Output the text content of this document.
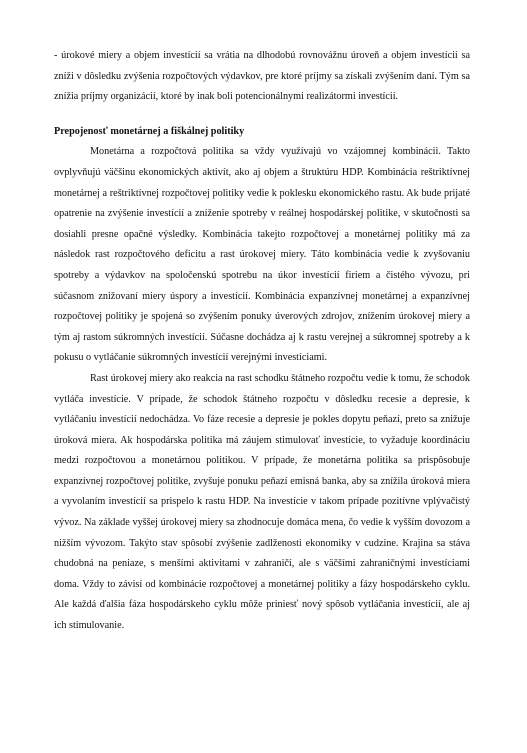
- úrokové miery a objem investícií sa vrátia na dlhodobú rovnovážnu úroveň a objem investícií sa zníži v dôsledku zvýšenia rozpočtových výdavkov, pre ktoré príjmy sa získali zvýšením daní. Tým sa znížia príjmy organizácií, ktoré by inak boli potencionálnymi realizátormi investícií.

Prepojenosť monetárnej a fiškálnej politiky

Monetárna a rozpočtová politika sa vždy využívajú vo vzájomnej kombinácii. Takto ovplyvňujú väčšinu ekonomických aktivít, ako aj objem a štruktúru HDP. Kombinácia reštriktívnej monetárnej a reštriktívnej rozpočtovej politiky vedie k poklesku ekonomického rastu. Ak bude prijaté opatrenie na zvýšenie investícií a zníženie spotreby v reálnej hospodárskej politike, v skutočnosti sa dosiahli presne opačné výsledky. Kombinácia takejto rozpočtovej a monetárnej politiky má za následok rast rozpočtového deficitu a rast úrokovej miery. Táto kombinácia vedie k zvyšovaniu spotreby a výdavkov na spoločenskú spotrebu na úkor investícií firiem a čistého vývozu, pri súčasnom znižovaní miery úspory a investícií. Kombinácia expanzívnej monetárnej a expanzívnej rozpočtovej politiky je spojená so zvýšením ponuky úverových zdrojov, znížením úrokovej miery a tým aj rastom súkromných investícií. Súčasne dochádza aj k rastu verejnej a súkromnej spotreby a k pokusu o vytláčanie súkromných investícií verejnými investíciami.

Rast úrokovej miery ako reakcia na rast schodku štátneho rozpočtu vedie k tomu, že schodok vytláča investície. V prípade, že schodok štátneho rozpočtu v dôsledku recesie a depresie, k vytláčaniu investícií nedochádza. Vo fáze recesie a depresie je pokles dopytu peňazí, preto sa znižuje úroková miera. Ak hospodárska politika má záujem stimulovať investície, to vyžaduje koordináciu medzi rozpočtovou a monetárnou politikou. V prípade, že monetárna politika sa prispôsobuje expanzívnej rozpočtovej politike, zvyšuje ponuku peňazí emisná banka, aby sa znížila úroková miera a vyvolaním investícií sa prispelo k rastu HDP. Na investície v takom prípade pozitívne vplývačistý vývoz. Na základe vyššej úrokovej miery sa zhodnocuje domáca mena, čo vedie k vyšším dovozom a nižším vývozom. Takýto stav spôsobí zvýšenie zadlženosti ekonomiky v cudzine. Krajina sa stáva chudobná na peniaze, s menšími aktivitami v zahraničí, ale s väčšími zahraničnými investíciami doma. Vždy to závisí od kombinácie rozpočtovej a monetárnej politiky a fázy hospodárskeho cyklu. Ale každá ďalšia fáza hospodárskeho cyklu môže priniesť nový spôsob vytláčania investícií, ale aj ich stimulovanie.
